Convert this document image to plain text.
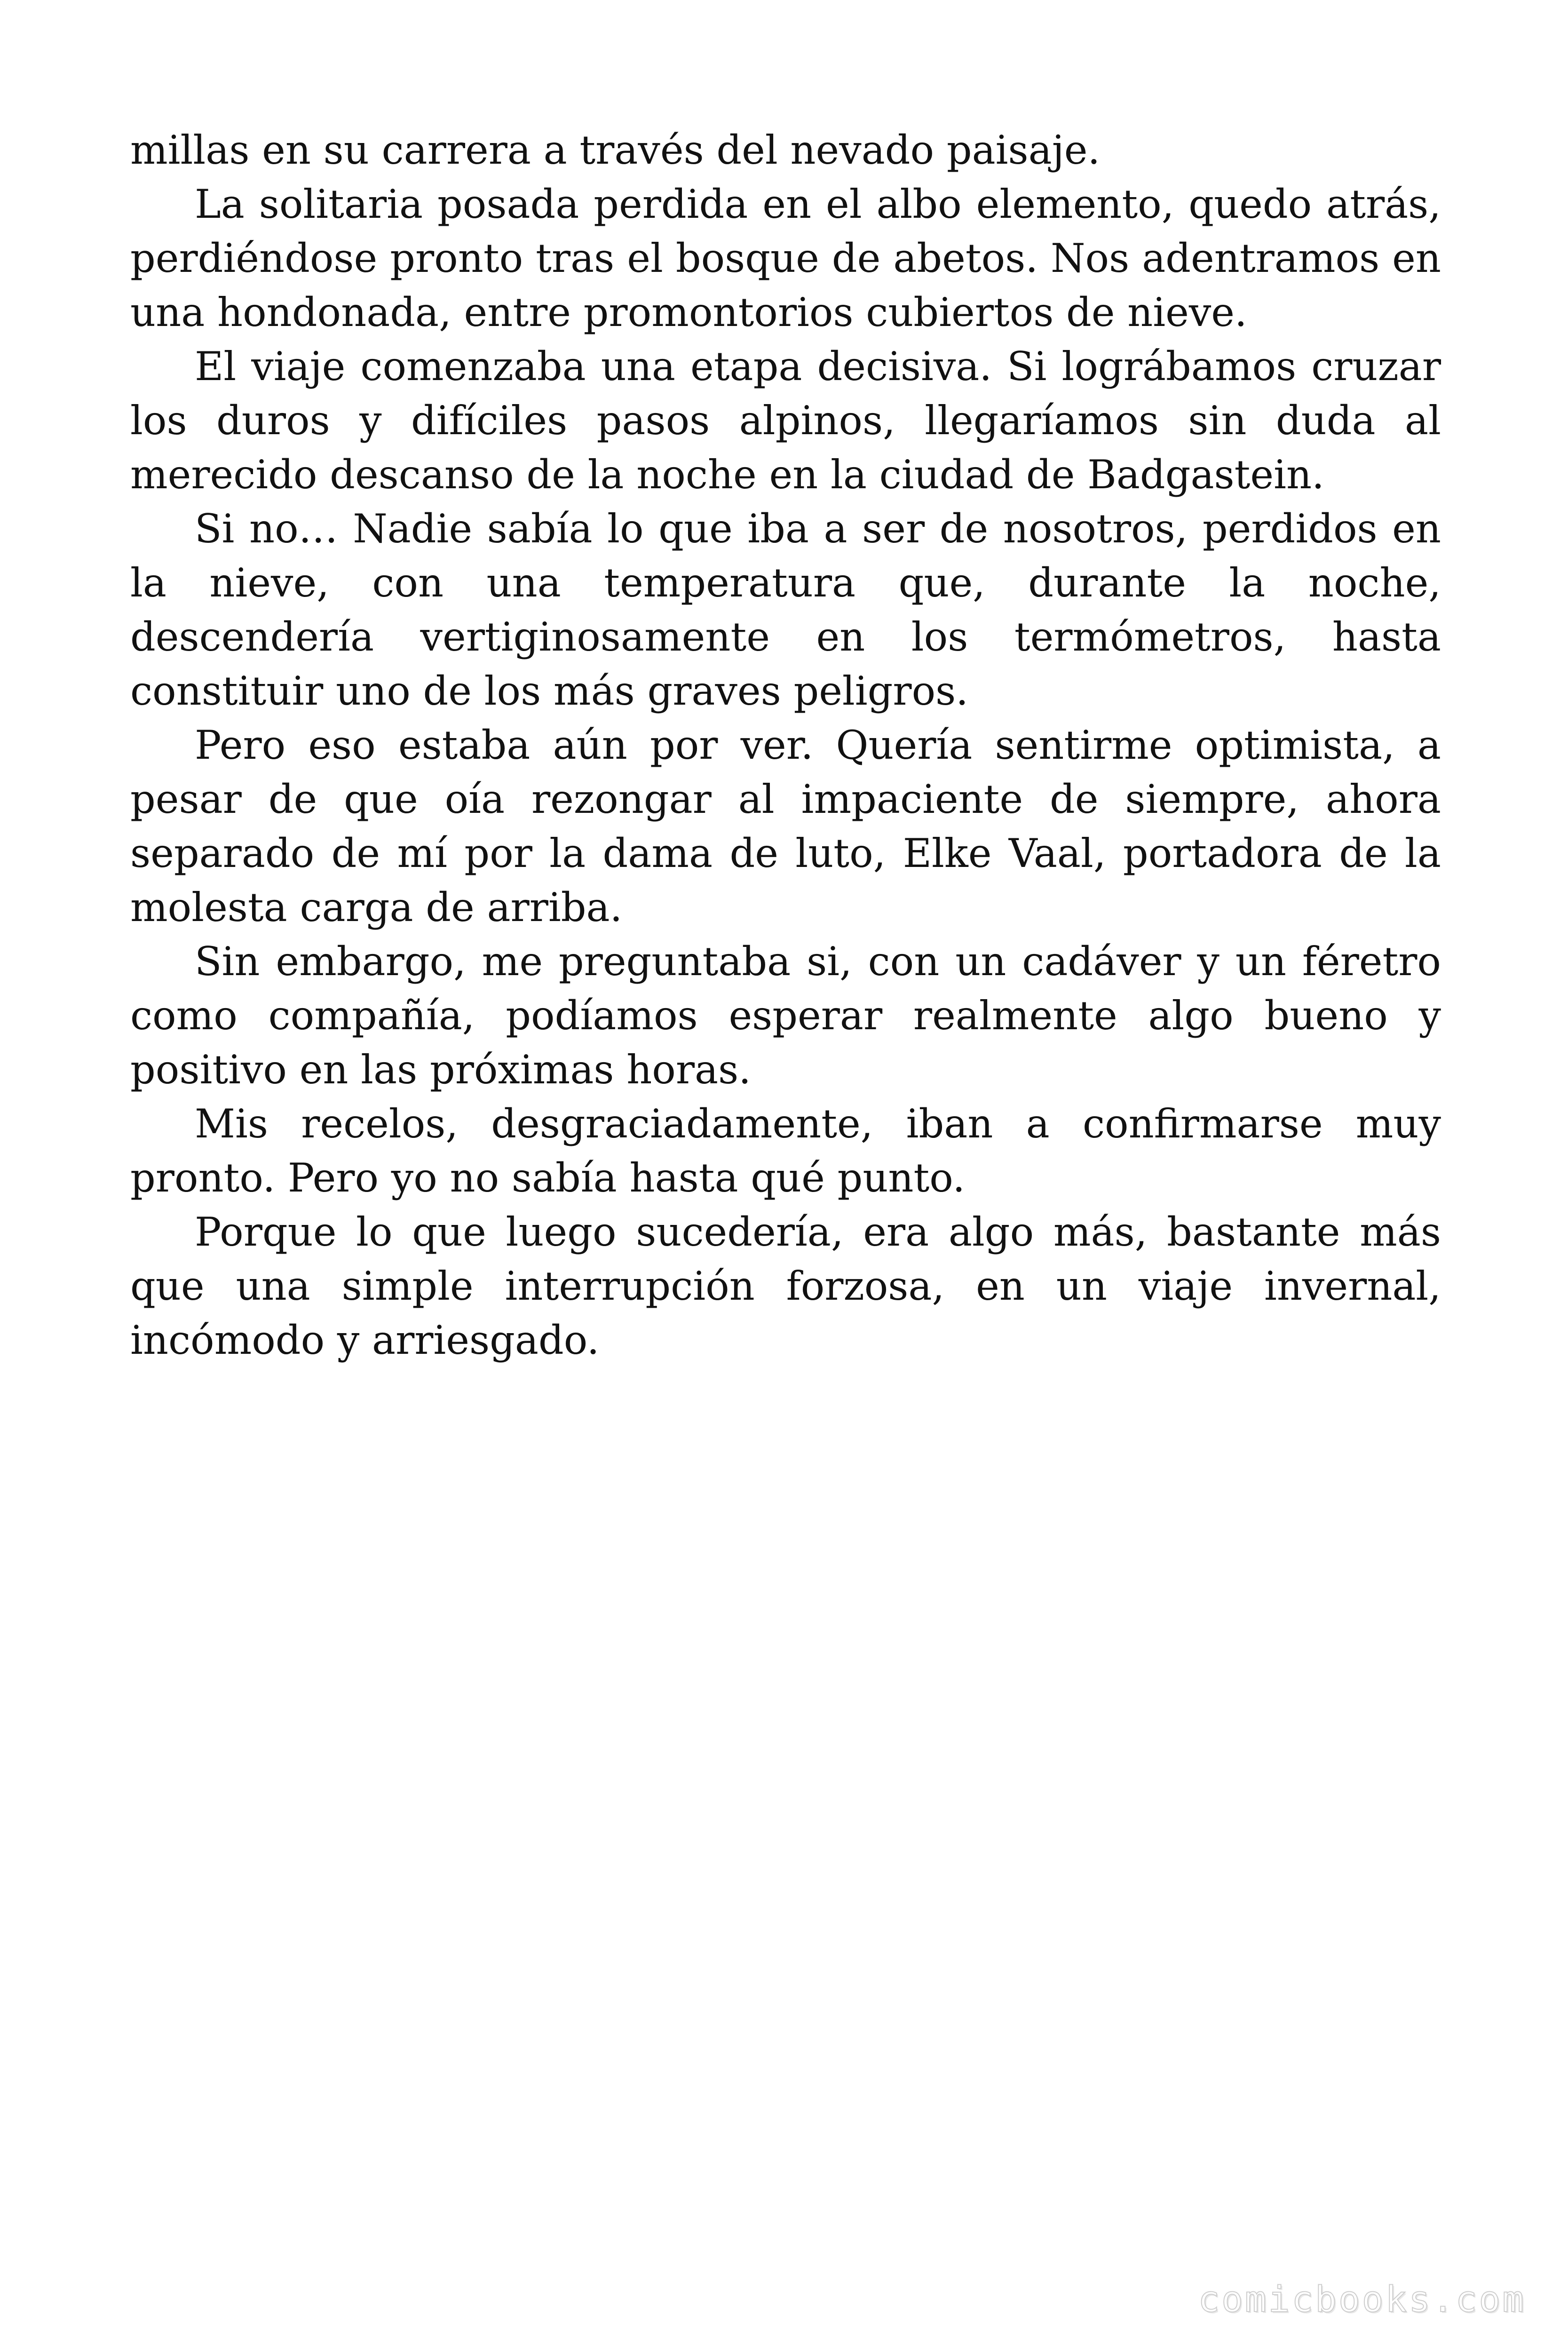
millas en su carrera a través del nevado paisaje.

La solitaria posada perdida en el albo elemento, quedo atrás, perdiéndose pronto tras el bosque de abetos. Nos adentramos en una hondonada, entre promontorios cubiertos de nieve.

El viaje comenzaba una etapa decisiva. Si lográbamos cruzar los duros y difíciles pasos alpinos, llegaríamos sin duda al merecido descanso de la noche en la ciudad de Badgastein.

Si no… Nadie sabía lo que iba a ser de nosotros, perdidos en la nieve, con una temperatura que, durante la noche, descendería vertiginosamente en los termómetros, hasta constituir uno de los más graves peligros.

Pero eso estaba aún por ver. Quería sentirme optimista, a pesar de que oía rezongar al impaciente de siempre, ahora separado de mí por la dama de luto, Elke Vaal, portadora de la molesta carga de arriba.

Sin embargo, me preguntaba si, con un cadáver y un féretro como compañía, podíamos esperar realmente algo bueno y positivo en las próximas horas.

Mis recelos, desgraciadamente, iban a confirmarse muy pronto. Pero yo no sabía hasta qué punto.

Porque lo que luego sucedería, era algo más, bastante más que una simple interrupción forzosa, en un viaje invernal, incómodo y arriesgado.

comicbooks.com
